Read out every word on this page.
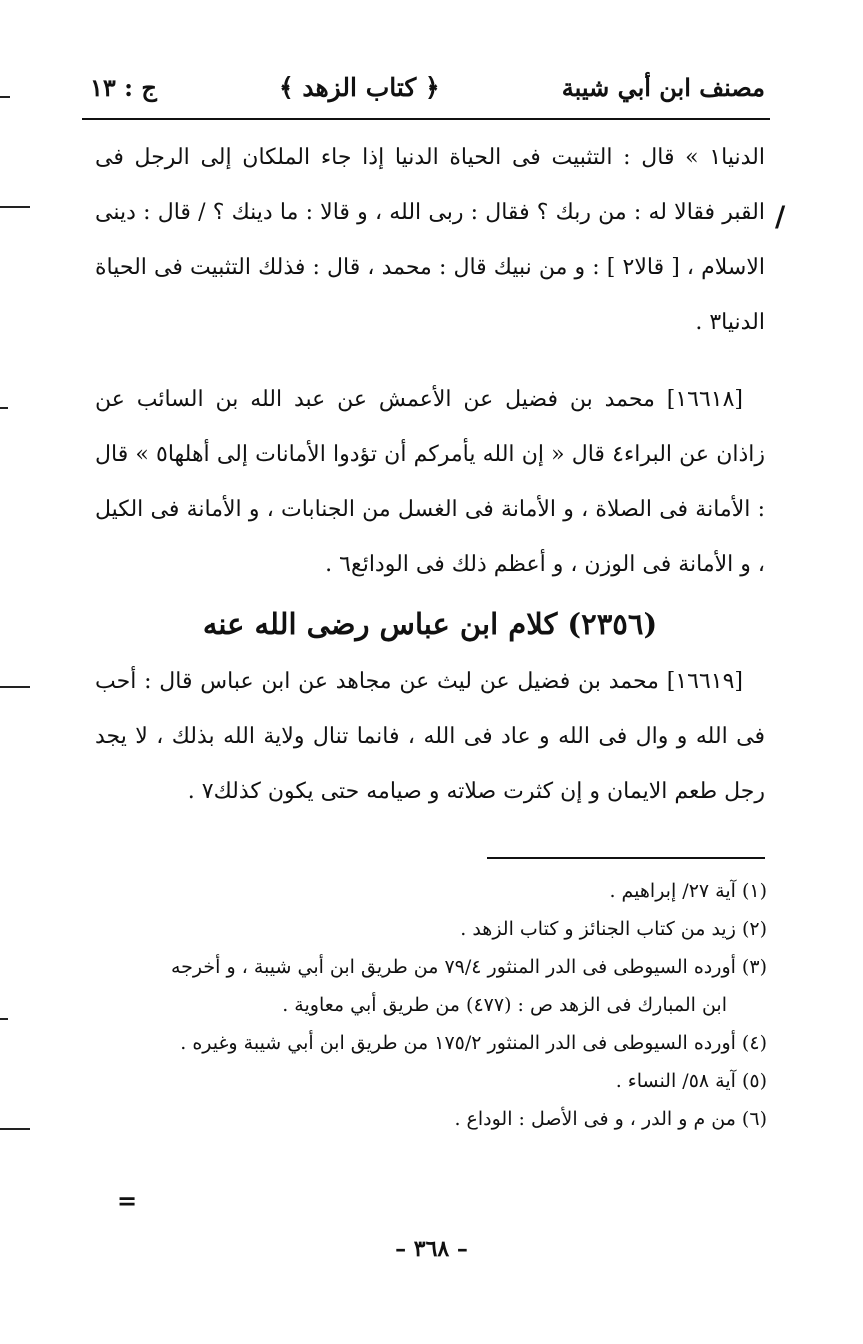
مصنف ابن أبي شيبة
﴿ كتاب الزهد ﴾
ج : ١٣

الدنيا١ » قال : التثبيت فى الحياة الدنيا إذا جاء الملكان إلى الرجل فى القبر فقالا له : من ربك ؟ فقال : ربى الله ، و قالا : ما دينك ؟ / قال : دينى الاسلام ، [ قالا٢ ] : و من نبيك قال : محمد ، قال : فذلك التثبيت فى الحياة الدنيا٣ .

[١٦٦١٨] محمد بن فضيل عن الأعمش عن عبد الله بن السائب عن زاذان عن البراء٤ قال « إن الله يأمركم أن تؤدوا الأمانات إلى أهلها٥ » قال : الأمانة فى الصلاة ، و الأمانة فى الغسل من الجنابات ، و الأمانة فى الكيل ، و الأمانة فى الوزن ، و أعظم ذلك فى الودائع٦ .

(٢٣٥٦) كلام ابن عباس رضى الله عنه

[١٦٦١٩] محمد بن فضيل عن ليث عن مجاهد عن ابن عباس قال : أحب فى الله و وال فى الله و عاد فى الله ، فانما تنال ولاية الله بذلك ، لا يجد رجل طعم الايمان و إن كثرت صلاته و صيامه حتى يكون كذلك٧ .

/

(١) آية ٢٧/ إبراهيم .

(٢) زيد من كتاب الجنائز و كتاب الزهد .

(٣) أورده السيوطى فى الدر المنثور ٧٩/٤ من طريق ابن أبي شيبة ، و أخرجه

ابن المبارك فى الزهد ص : (٤٧٧) من طريق أبي معاوية .

(٤) أورده السيوطى فى الدر المنثور ١٧٥/٢ من طريق ابن أبي شيبة وغيره .

(٥) آية ٥٨/ النساء .

(٦) من م و الدر ، و فى الأصل : الوداع .

=
– ٣٦٨ –
